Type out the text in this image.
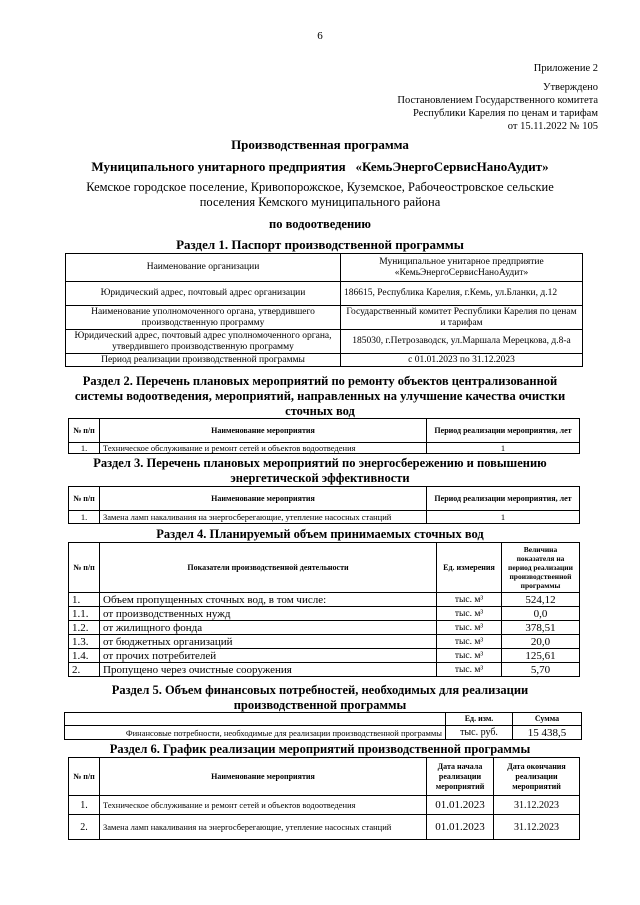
6
Приложение 2
Утверждено
Постановлением Государственного комитета
Республики Карелия по ценам и тарифам
от 15.11.2022 № 105
Производственная программа
Муниципального унитарного предприятия   «КемьЭнергоСервисНаноАудит»
Кемское городское поселение, Кривопорожское, Куземское, Рабочеостровское сельские
поселения Кемского муниципального района
по водоотведению
Раздел 1. Паспорт производственной программы
Наименование организации	Муниципальное унитарное предприятие «КемьЭнергоСервисНаноАудит»
Юридический адрес, почтовый адрес организации	186615, Республика Карелия, г.Кемь, ул.Бланки, д.12
Наименование уполномоченного органа, утвердившего производственную программу	Государственный комитет Республики Карелия по ценам и тарифам
Юридический адрес, почтовый адрес уполномоченного органа, утвердившего производственную программу	185030, г.Петрозаводск, ул.Маршала Мерецкова, д.8-а
Период реализации производственной программы	с 01.01.2023 по 31.12.2023
Раздел 2. Перечень плановых мероприятий по ремонту объектов централизованной системы водоотведения, мероприятий, направленных на улучшение качества очистки сточных вод
№ п/п	Наименование мероприятия	Период реализации мероприятия, лет
1.	Техническое обслуживание и ремонт сетей и объектов водоотведения	1
Раздел 3. Перечень плановых мероприятий по энергосбережению и повышению энергетической эффективности
№ п/п	Наименование мероприятия	Период реализации мероприятия, лет
1.	Замена ламп накаливания на энергосберегающие, утепление насосных станций	1
Раздел 4. Планируемый объем принимаемых сточных вод
№ п/п	Показатели производственной деятельности	Ед. измерения	Величина показателя на период реализации производственной программы
1.	Объем пропущенных сточных вод, в том числе:	тыс. м³	524,12
1.1.	от производственных нужд	тыс. м³	0,0
1.2.	от жилищного фонда	тыс. м³	378,51
1.3.	от бюджетных организаций	тыс. м³	20,0
1.4.	от прочих потребителей	тыс. м³	125,61
2.	Пропущено через очистные сооружения	тыс. м³	5,70
Раздел 5. Объем финансовых потребностей, необходимых для реализации производственной программы
	Ед. изм.	Сумма
Финансовые потребности, необходимые для реализации производственной программы	тыс. руб.	15 438,5
Раздел 6. График реализации мероприятий производственной программы
№ п/п	Наименование мероприятия	Дата начала реализации мероприятий	Дата окончания реализации мероприятий
1.	Техническое обслуживание и ремонт сетей и объектов водоотведения	01.01.2023	31.12.2023
2.	Замена ламп накаливания на энергосберегающие, утепление насосных станций	01.01.2023	31.12.2023
